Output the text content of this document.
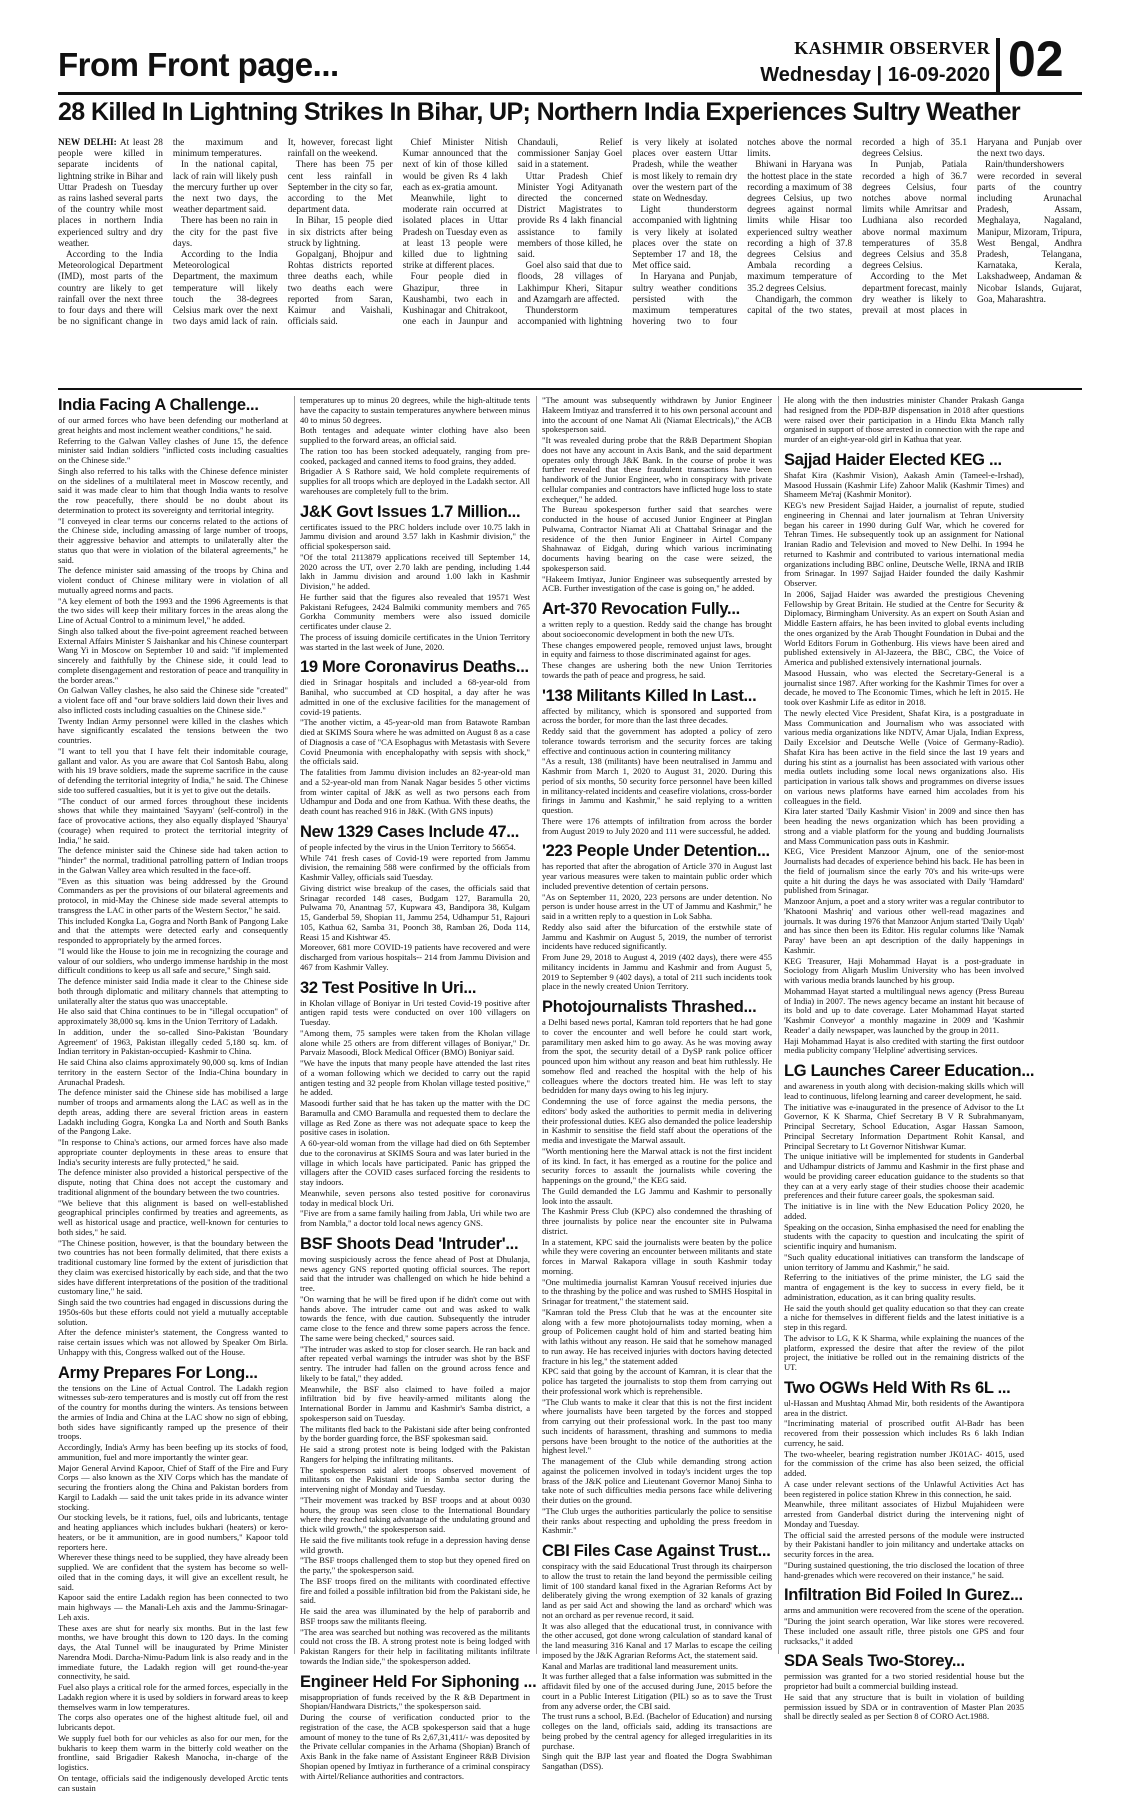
From Front page...	KASHMIR OBSERVER
Wednesday | 16-09-2020 02
28 Killed In Lightning Strikes In Bihar, UP; Northern India Experiences Sultry Weather

NEW DELHI: At least 28 people were killed in separate incidents of lightning strike in Bihar and Uttar Pradesh on Tuesday as rains lashed several parts of the country while most places in northern India experienced sultry and dry weather.

According to the India Meteorological Department (IMD), most parts of the country are likely to get rainfall over the next three to four days and there will be no significant change in the maximum and minimum temperatures.

In the national capital, lack of rain will likely push the mercury further up over the next two days, the weather department said.

There has been no rain in the city for the past five days.

According to the India Meteorological Department, the maximum temperature will likely touch the 38-degrees Celsius mark over the next two days amid lack of rain. It, however, forecast light rainfall on the weekend.

There has been 75 per cent less rainfall in September in the city so far, according to the Met department data.

In Bihar, 15 people died in six districts after being struck by lightning.

Gopalganj, Bhojpur and Rohtas districts reported three deaths each, while two deaths each were reported from Saran, Kaimur and Vaishali, officials said.

Chief Minister Nitish Kumar announced that the next of kin of those killed would be given Rs 4 lakh each as ex-gratia amount.

Meanwhile, light to moderate rain occurred at isolated places in Uttar Pradesh on Tuesday even as at least 13 people were killed due to lightning strike at different places.

Four people died in Ghazipur, three in Kaushambi, two each in Kushinagar and Chitrakoot, one each in Jaunpur and Chandauli, Relief commissioner Sanjay Goel said in a statement.

Uttar Pradesh Chief Minister Yogi Adityanath directed the concerned District Magistrates to provide Rs 4 lakh financial assistance to family members of those killed, he said.

Goel also said that due to floods, 28 villages of Lakhimpur Kheri, Sitapur and Azamgarh are affected.

Thunderstorm accompanied with lightning is very likely at isolated places over eastern Uttar Pradesh, while the weather is most likely to remain dry over the western part of the state on Wednesday.

Light thunderstorm accompanied with lightning is very likely at isolated places over the state on September 17 and 18, the Met office said.

In Haryana and Punjab, sultry weather conditions persisted with the maximum temperatures hovering two to four notches above the normal limits.

Bhiwani in Haryana was the hottest place in the state recording a maximum of 38 degrees Celsius, up two degrees against normal limits while Hisar too experienced sultry weather recording a high of 37.8 degrees Celsius and Ambala recording a maximum temperature of 35.2 degrees Celsius.

Chandigarh, the common capital of the two states, recorded a high of 35.1 degrees Celsius.

In Punjab, Patiala recorded a high of 36.7 degrees Celsius, four notches above normal limits while Amritsar and Ludhiana also recorded above normal maximum temperatures of 35.8 degrees Celsius and 35.8 degrees Celsius.

According to the Met department forecast, mainly dry weather is likely to prevail at most places in Haryana and Punjab over the next two days.

Rain/thundershowers were recorded in several parts of the country including Arunachal Pradesh, Assam, Meghalaya, Nagaland, Manipur, Mizoram, Tripura, West Bengal, Andhra Pradesh, Telangana, Karnataka, Kerala, Lakshadweep, Andaman & Nicobar Islands, Gujarat, Goa, Maharashtra.

India Facing A Challenge...

of our armed forces who have been defending our motherland at great heights and most inclement weather conditions," he said.

Referring to the Galwan Valley clashes of June 15, the defence minister said Indian soldiers "inflicted costs including casualties on the Chinese side."

Singh also referred to his talks with the Chinese defence minister on the sidelines of a multilateral meet in Moscow recently, and said it was made clear to him that though India wants to resolve the row peacefully, there should be no doubt about its determination to protect its sovereignty and territorial integrity.

"I conveyed in clear terms our concerns related to the actions of the Chinese side, including amassing of large number of troops, their aggressive behavior and attempts to unilaterally alter the status quo that were in violation of the bilateral agreements," he said.

The defence minister said amassing of the troops by China and violent conduct of Chinese military were in violation of all mutually agreed norms and pacts.

"A key element of both the 1993 and the 1996 Agreements is that the two sides will keep their military forces in the areas along the Line of Actual Control to a minimum level," he added.

Singh also talked about the five-point agreement reached between External Affairs Minister S Jaishankar and his Chinese counterpart Wang Yi in Moscow on September 10 and said: "if implemented sincerely and faithfully by the Chinese side, it could lead to complete disengagement and restoration of peace and tranquility in the border areas."

On Galwan Valley clashes, he also said the Chinese side "created" a violent face off and "our brave soldiers laid down their lives and also inflicted costs including casualties on the Chinese side."

Twenty Indian Army personnel were killed in the clashes which have significantly escalated the tensions between the two countries.

"I want to tell you that I have felt their indomitable courage, gallant and valor. As you are aware that Col Santosh Babu, along with his 19 brave soldiers, made the supreme sacrifice in the cause of defending the territorial integrity of India," he said. The Chinese side too suffered casualties, but it is yet to give out the details.

"The conduct of our armed forces throughout these incidents shows that while they maintained 'Sayyam' (self-control) in the face of provocative actions, they also equally displayed 'Shaurya' (courage) when required to protect the territorial integrity of India," he said.

The defence minister said the Chinese side had taken action to "hinder" the normal, traditional patrolling pattern of Indian troops in the Galwan Valley area which resulted in the face-off.

"Even as this situation was being addressed by the Ground Commanders as per the provisions of our bilateral agreements and protocol, in mid-May the Chinese side made several attempts to transgress the LAC in other parts of the Western Sector," he said.

This included Kongka La, Gogra and North Bank of Pangong Lake and that the attempts were detected early and consequently responded to appropriately by the armed forces.

"I would like the House to join me in recognizing the courage and valour of our soldiers, who undergo immense hardship in the most difficult conditions to keep us all safe and secure," Singh said.

The defence minister said India made it clear to the Chinese side both through diplomatic and military channels that attempting to unilaterally alter the status quo was unacceptable.

He also said that China continues to be in "illegal occupation" of approximately 38,000 sq. kms in the Union Territory of Ladakh.

In addition, under the so-called Sino-Pakistan 'Boundary Agreement' of 1963, Pakistan illegally ceded 5,180 sq. km. of Indian territory in Pakistan-occupied- Kashmir to China.

He said China also claims approximately 90,000 sq. kms of Indian territory in the eastern Sector of the India-China boundary in Arunachal Pradesh.

The defence minister said the Chinese side has mobilised a large number of troops and armaments along the LAC as well as in the depth areas, adding there are several friction areas in eastern Ladakh including Gogra, Kongka La and North and South Banks of the Pangong Lake.

"In response to China's actions, our armed forces have also made appropriate counter deployments in these areas to ensure that India's security interests are fully protected," he said.

The defence minister also provided a historical perspective of the dispute, noting that China does not accept the customary and traditional alignment of the boundary between the two countries.

"We believe that this alignment is based on well-established geographical principles confirmed by treaties and agreements, as well as historical usage and practice, well-known for centuries to both sides," he said.

"The Chinese position, however, is that the boundary between the two countries has not been formally delimited, that there exists a traditional customary line formed by the extent of jurisdiction that they claim was exercised historically by each side, and that the two sides have different interpretations of the position of the traditional customary line," he said.

Singh said the two countries had engaged in discussions during the 1950s-60s but these efforts could not yield a mutually acceptable solution.

After the defence minister's statement, the Congress wanted to raise certain issues which was not allowed by Speaker Om Birla. Unhappy with this, Congress walked out of the House.

Army Prepares For Long...

the tensions on the Line of Actual Control. The Ladakh region witnesses sub-zero temperatures and is mostly cut off from the rest of the country for months during the winters. As tensions between the armies of India and China at the LAC show no sign of ebbing, both sides have significantly ramped up the presence of their troops.

Accordingly, India's Army has been beefing up its stocks of food, ammunition, fuel and more importantly the winter gear.

Major General Arvind Kapoor, Chief of Staff of the Fire and Fury Corps — also known as the XIV Corps which has the mandate of securing the frontiers along the China and Pakistan borders from Kargil to Ladakh — said the unit takes pride in its advance winter stocking.

Our stocking levels, be it rations, fuel, oils and lubricants, tentage and heating appliances which includes bukhari (heaters) or kero-heaters, or be it ammunition, are in good numbers," Kapoor told reporters here.

Wherever these things need to be supplied, they have already been supplied. We are confident that the system has become so well-oiled that in the coming days, it will give an excellent result, he said.

Kapoor said the entire Ladakh region has been connected to two main highways — the Manali-Leh axis and the Jammu-Srinagar-Leh axis.

These axes are shut for nearly six months. But in the last few months, we have brought this down to 120 days. In the coming days, the Atal Tunnel will be inaugurated by Prime Minister Narendra Modi. Darcha-Nimu-Padum link is also ready and in the immediate future, the Ladakh region will get round-the-year connectivity, he said.

Fuel also plays a critical role for the armed forces, especially in the Ladakh region where it is used by soldiers in forward areas to keep themselves warm in low temperatures.

The corps also operates one of the highest altitude fuel, oil and lubricants depot.

We supply fuel both for our vehicles as also for our men, for the bukharis to keep them warm in the bitterly cold weather on the frontline, said Brigadier Rakesh Manocha, in-charge of the logistics.

On tentage, officials said the indigenously developed Arctic tents can sustain

temperatures up to minus 20 degrees, while the high-altitude tents have the capacity to sustain temperatures anywhere between minus 40 to minus 50 degrees.

Both tentages and adequate winter clothing have also been supplied to the forward areas, an official said.

The ration too has been stocked adequately, ranging from pre-cooked, packaged and canned items to food grains, they added.

Brigadier A S Rathore said, We hold complete requirements of supplies for all troops which are deployed in the Ladakh sector. All warehouses are completely full to the brim.

J&K Govt Issues 1.7 Million...

certificates issued to the PRC holders include over 10.75 lakh in Jammu division and around 3.57 lakh in Kashmir division," the official spokesperson said.

"Of the total 2113879 applications received till September 14, 2020 across the UT, over 2.70 lakh are pending, including 1.44 lakh in Jammu division and around 1.00 lakh in Kashmir Division," he added.

He further said that the figures also revealed that 19571 West Pakistani Refugees, 2424 Balmiki community members and 765 Gorkha Community members were also issued domicile certificates under clause 2.

The process of issuing domicile certificates in the Union Territory was started in the last week of June, 2020.

19 More Coronavirus Deaths...

died in Srinagar hospitals and included a 68-year-old from Banihal, who succumbed at CD hospital, a day after he was admitted in one of the exclusive facilities for the management of covid-19 patients.

"The another victim, a 45-year-old man from Batawote Ramban died at SKIMS Soura where he was admitted on August 8 as a case of Diagnosis a case of "CA Esophagus with Metastasis with Severe Covid Pneumonia with encephalopathy with sepsis with shock," the officials said.

The fatalities from Jammu division includes an 82-year-old man and a 52-year-old man from Nanak Nagar besides 5 other victims from winter capital of J&K as well as two persons each from Udhampur and Doda and one from Kathua. With these deaths, the death count has reached 916 in J&K. (With GNS inputs)

New 1329 Cases Include 47...

of people infected by the virus in the Union Territory to 56654.

While 741 fresh cases of Covid-19 were reported from Jammu division, the remaining 588 were confirmed by the officials from Kashmir Valley, officials said Tuesday.

Giving district wise breakup of the cases, the officials said that Srinagar recorded 148 cases, Budgam 127, Baramulla 20, Pulwama 70, Anantnag 57, Kupwara 43, Bandipora 38, Kulgam 15, Ganderbal 59, Shopian 11, Jammu 254, Udhampur 51, Rajouri 105, Kathua 62, Samba 31, Poonch 38, Ramban 26, Doda 114, Reasi 15 and Kishtwar 45.

Moreover, 681 more COVID-19 patients have recovered and were discharged from various hospitals-- 214 from Jammu Division and 467 from Kashmir Valley.

32 Test Positive In Uri...

in Kholan village of Boniyar in Uri tested Covid-19 positive after antigen rapid tests were conducted on over 100 villagers on Tuesday.

"Among them, 75 samples were taken from the Kholan village alone while 25 others are from different villages of Boniyar," Dr. Parvaiz Masoodi, Block Medical Officer (BMO) Boniyar said.

"We have the inputs that many people have attended the last rites of a woman following which we decided to carry out the rapid antigen testing and 32 people from Kholan village tested positive," he added.

Masoodi further said that he has taken up the matter with the DC Baramulla and CMO Baramulla and requested them to declare the village as Red Zone as there was not adequate space to keep the positive cases in isolation.

A 60-year-old woman from the village had died on 6th September due to the coronavirus at SKIMS Soura and was later buried in the village in which locals have participated. Panic has gripped the villagers after the COVID cases surfaced forcing the residents to stay indoors.

Meanwhile, seven persons also tested positive for coronavirus today in medical block Uri.

"Five are from a same family hailing from Jabla, Uri while two are from Nambla," a doctor told local news agency GNS.

BSF Shoots Dead 'Intruder'...

moving suspiciously across the fence ahead of Post at Dhulanja, news agency GNS reported quoting official sources. The report said that the intruder was challenged on which he hide behind a tree.

"On warning that he will be fired upon if he didn't come out with hands above. The intruder came out and was asked to walk towards the fence, with due caution. Subsequently the intruder came close to the fence and threw some papers across the fence. The same were being checked," sources said.

"The intruder was asked to stop for closer search. He ran back and after repeated verbal warnings the intruder was shot by the BSF sentry. The intruder had fallen on the ground across fence and likely to be fatal," they added.

Meanwhile, the BSF also claimed to have foiled a major infiltration bid by five heavily-armed militants along the International Border in Jammu and Kashmir's Samba district, a spokesperson said on Tuesday.

The militants fled back to the Pakistani side after being confronted by the border guarding force, the BSF spokesman said.

He said a strong protest note is being lodged with the Pakistan Rangers for helping the infiltrating militants.

The spokesperson said alert troops observed movement of militants on the Pakistani side in Samba sector during the intervening night of Monday and Tuesday.

"Their movement was tracked by BSF troops and at about 0030 hours, the group was seen close to the International Boundary where they reached taking advantage of the undulating ground and thick wild growth," the spokesperson said.

He said the five militants took refuge in a depression having dense wild growth.

"The BSF troops challenged them to stop but they opened fired on the party," the spokesperson said.

The BSF troops fired on the militants with coordinated effective fire and foiled a possible infiltration bid from the Pakistani side, he said.

He said the area was illuminated by the help of paraborrib and BSF troops saw the militants fleeing.

"The area was searched but nothing was recovered as the militants could not cross the IB. A strong protest note is being lodged with Pakistan Rangers for their help in facilitating militants infiltrate towards the Indian side," the spokesperson added.

Engineer Held For Siphoning ...

misappropriation of funds received by the R &B Department in Shopian/Handwara Districts," the spokesperson said.

During the course of verification conducted prior to the registration of the case, the ACB spokesperson said that a huge amount of money to the tune of Rs 2,67,31,411/- was deposited by the Private cellular companies in the Arhama (Shopian) Branch of Axis Bank in the fake name of Assistant Engineer R&B Division Shopian opened by Imtiyaz in furtherance of a criminal conspiracy with Airtel/Reliance authorities and contractors.

"The amount was subsequently withdrawn by Junior Engineer Hakeem Imtiyaz and transferred it to his own personal account and into the account of one Namat Ali (Niamat Electricals)," the ACB spokesperson said.

"It was revealed during probe that the R&B Department Shopian does not have any account in Axis Bank, and the said department operates only through J&K Bank. In the course of probe it was further revealed that these fraudulent transactions have been handiwork of the Junior Engineer, who in conspiracy with private cellular companies and contractors have inflicted huge loss to state exchequer," he added.

The Bureau spokesperson further said that searches were conducted in the house of accused Junior Engineer at Pinglan Pulwama, Contractor Niamat Ali at Chattabal Srinagar and the residence of the then Junior Engineer in Airtel Company Shahnawaz of Eidgah, during which various incriminating documents having bearing on the case were seized, the spokesperson said.

"Hakeem Imtiyaz, Junior Engineer was subsequently arrested by ACB. Further investigation of the case is going on," he added.

Art-370 Revocation Fully...

a written reply to a question. Reddy said the change has brought about socioeconomic development in both the new UTs.

These changes empowered people, removed unjust laws, brought in equity and fairness to those discriminated against for ages.

These changes are ushering both the new Union Territories towards the path of peace and progress, he said.

'138 Militants Killed In Last...

affected by militancy, which is sponsored and supported from across the border, for more than the last three decades.

Reddy said that the government has adopted a policy of zero tolerance towards terrorism and the security forces are taking effective and continuous action in countering militancy

"As a result, 138 (militants) have been neutralised in Jammu and Kashmir from March 1, 2020 to August 31, 2020. During this period of six months, 50 security force personnel have been killed in militancy-related incidents and ceasefire violations, cross-border firings in Jammu and Kashmir," he said replying to a written question.

There were 176 attempts of infiltration from across the border from August 2019 to July 2020 and 111 were successful, he added.

'223 People Under Detention...

has reported that after the abrogation of Article 370 in August last year various measures were taken to maintain public order which included preventive detention of certain persons.

"As on September 11, 2020, 223 persons are under detention. No person is under house arrest in the UT of Jammu and Kashmir," he said in a written reply to a question in Lok Sabha.

Reddy also said after the bifurcation of the erstwhile state of Jammu and Kashmir on August 5, 2019, the number of terrorist incidents have reduced significantly.

From June 29, 2018 to August 4, 2019 (402 days), there were 455 militancy incidents in Jammu and Kashmir and from August 5, 2019 to September 9 (402 days), a total of 211 such incidents took place in the newly created Union Territory.

Photojournalists Thrashed...

a Delhi based news portal, Kamran told reporters that he had gone to cover the encounter and well before he could start work, paramilitary men asked him to go away. As he was moving away from the spot, the security detail of a DySP rank police officer pounced upon him without any reason and beat him ruthlessly. He somehow fled and reached the hospital with the help of his colleagues where the doctors treated him. He was left to stay bedridden for many days owing to his leg injury.

Condemning the use of force against the media persons, the editors' body asked the authorities to permit media in delivering their professional duties. KEG also demanded the police leadership in Kashmir to sensitise the field staff about the operations of the media and investigate the Marwal assault.

"Worth mentioning here the Marwal attack is not the first incident of its kind. In fact, it has emerged as a routine for the police and security forces to assault the journalists while covering the happenings on the ground," the KEG said.

The Guild demanded the LG Jammu and Kashmir to personally look into the assault.

The Kashmir Press Club (KPC) also condemned the thrashing of three journalists by police near the encounter site in Pulwama district.

In a statement, KPC said the journalists were beaten by the police while they were covering an encounter between militants and state forces in Marwal Rakapora village in south Kashmir today morning.

"One multimedia journalist Kamran Yousuf received injuries due to the thrashing by the police and was rushed to SMHS Hospital in Srinagar for treatment," the statement said.

"Kamran told the Press Club that he was at the encounter site along with a few more photojournalists today morning, when a group of Policemen caught hold of him and started beating him with lathis without any reason. He said that he somehow managed to run away. He has received injuries with doctors having detected fracture in his leg," the statement added

KPC said that going by the account of Kamran, it is clear that the police has targeted the journalists to stop them from carrying out their professional work which is reprehensible.

"The Club wants to make it clear that this is not the first incident where journalists have been targeted by the forces and stopped from carrying out their professional work. In the past too many such incidents of harassment, thrashing and summons to media persons have been brought to the notice of the authorities at the highest level."

The management of the Club while demanding strong action against the policemen involved in today's incident urges the top brass of the J&K police and Lieutenant Governor Manoj Sinha to take note of such difficulties media persons face while delivering their duties on the ground.

"The Club urges the authorities particularly the police to sensitise their ranks about respecting and upholding the press freedom in Kashmir."

CBI Files Case Against Trust...

conspiracy with the said Educational Trust through its chairperson to allow the trust to retain the land beyond the permissible ceiling limit of 100 standard kanal fixed in the Agrarian Reforms Act by deliberately giving the wrong exemption of 32 kanals of grazing land as per said Act and showing the land as orchard' which was not an orchard as per revenue record, it said.

It was also alleged that the educational trust, in connivance with the other accused, got done wrong calculation of standard kanal of the land measuring 316 Kanal and 17 Marlas to escape the ceiling imposed by the J&K Agrarian Reforms Act, the statement said.

Kanal and Marlas are traditional land measurement units.

It was further alleged that a false information was submitted in the affidavit filed by one of the accused during June, 2015 before the court in a Public Interest Litigation (PIL) so as to save the Trust from any adverse order, the CBI said.

The trust runs a school, B.Ed. (Bachelor of Education) and nursing colleges on the land, officials said, adding its transactions are being probed by the central agency for alleged irregularities in its purchase.

Singh quit the BJP last year and floated the Dogra Swabhiman Sangathan (DSS).

He along with the then industries minister Chander Prakash Ganga had resigned from the PDP-BJP dispensation in 2018 after questions were raised over their participation in a Hindu Ekta Manch rally organised in support of those arrested in connection with the rape and murder of an eight-year-old girl in Kathua that year.

Sajjad Haider Elected KEG ...

Shafat Kira (Kashmir Vision), Aakash Amin (Tameel-e-Irshad), Masood Hussain (Kashmir Life) Zahoor Malik (Kashmir Times) and Shameem Me'raj (Kashmir Monitor).

KEG's new President Sajjad Haider, a journalist of repute, studied engineering in Chennai and later journalism at Tehran University began his career in 1990 during Gulf War, which he covered for Tehran Times. He subsequently took up an assignment for National Iranian Radio and Television and moved to New Delhi. In 1994 he returned to Kashmir and contributed to various international media organizations including BBC online, Deutsche Welle, IRNA and IRIB from Srinagar. In 1997 Sajjad Haider founded the daily Kashmir Observer.

In 2006, Sajjad Haider was awarded the prestigious Chevening Fellowship by Great Britain. He studied at the Centre for Security & Diplomacy, Birmingham University. As an expert on South Asian and Middle Eastern affairs, he has been invited to global events including the ones organized by the Arab Thought Foundation in Dubai and the World Editors Forum in Gothenburg. His views have been aired and published extensively in Al-Jazeera, the BBC, CBC, the Voice of America and published extensively international journals.

Masood Hussain, who was elected the Secretary-General is a journalist since 1987. After working for the Kashmir Times for over a decade, he moved to The Economic Times, which he left in 2015. He took over Kashmir Life as editor in 2018.

The newly elected Vice President, Shafat Kira, is a postgraduate in Mass Communication and Journalism who was associated with various media organizations like NDTV, Amar Ujala, Indian Express, Daily Excelsior and Deutsche Welle (Voice of Germany-Radio). Shafat Kira has been active in the field since the last 19 years and during his stint as a journalist has been associated with various other media outlets including some local news organizations also. His participation in various talk shows and programmes on diverse issues on various news platforms have earned him accolades from his colleagues in the field.

Kira later started 'Daily Kashmir Vision' in 2009 and since then has been heading the news organization which has been providing a strong and a viable platform for the young and budding Journalists and Mass Communication pass outs in Kashmir.

KEG, Vice President Manzoor Ajnum, one of the senior-most Journalists had decades of experience behind his back. He has been in the field of journalism since the early 70's and his write-ups were quite a hit during the days he was associated with Daily 'Hamdard' published from Srinagar.

Manzoor Anjum, a poet and a story writer was a regular contributor to 'Khatooni Mashriq' and various other well-read magazines and journals. It was during 1976 that Manzoor Anjum started 'Daily Uqab' and has since then been its Editor. His regular columns like 'Namak Paray' have been an apt description of the daily happenings in Kashmir.

KEG Treasurer, Haji Mohammad Hayat is a post-graduate in Sociology from Aligarh Muslim University who has been involved with various media brands launched by his group.

Mohammad Hayat started a multilingual news agency (Press Bureau of India) in 2007. The news agency became an instant hit because of its bold and up to date coverage. Later Mohammad Hayat started 'Kashmir Conveyor' a monthly magazine in 2009 and 'Kashmir Reader' a daily newspaper, was launched by the group in 2011.

Haji Mohammad Hayat is also credited with starting the first outdoor media publicity company 'Helpline' advertising services.

LG Launches Career Education...

and awareness in youth along with decision-making skills which will lead to continuous, lifelong learning and career development, he said.

The initiative was e-inaugurated in the presence of Advisor to the Lt Governor, K K Sharma, Chief Secretary B V R Subrahmanyam, Principal Secretary, School Education, Asgar Hassan Samoon, Principal Secretary Information Department Rohit Kansal, and Principal Secretary to Lt Governor Nitishwar Kumar.

The unique initiative will be implemented for students in Ganderbal and Udhampur districts of Jammu and Kashmir in the first phase and would be providing career education guidance to the students so that they can at a very early stage of their studies choose their academic preferences and their future career goals, the spokesman said.

The initiative is in line with the New Education Policy 2020, he added.

Speaking on the occasion, Sinha emphasised the need for enabling the students with the capacity to question and inculcating the spirit of scientific inquiry and humanism.

"Such quality educational initiatives can transform the landscape of union territory of Jammu and Kashmir," he said.

Referring to the initiatives of the prime minister, the LG said the mantra of engagement is the key to success in every field, be it administration, education, as it can bring quality results.

He said the youth should get quality education so that they can create a niche for themselves in different fields and the latest initiative is a step in this regard.

The advisor to LG, K K Sharma, while explaining the nuances of the platform, expressed the desire that after the review of the pilot project, the initiative be rolled out in the remaining districts of the UT.

Two OGWs Held With Rs 6L ...

ul-Hassan and Mushtaq Ahmad Mir, both residents of the Awantipora area in the district.

"Incriminating material of proscribed outfit Al-Badr has been recovered from their possession which includes Rs 6 lakh Indian currency, he said.

The two-wheeler, bearing registration number JK01AC- 4015, used for the commission of the crime has also been seized, the official added.

A case under relevant sections of the Unlawful Activities Act has been registered in police station Khrew in this connection, he said.

Meanwhile, three militant associates of Hizbul Mujahideen were arrested from Ganderbal district during the intervening night of Monday and Tuesday.

The official said the arrested persons of the module were instructed by their Pakistani handler to join militancy and undertake attacks on security forces in the area.

"During sustained questioning, the trio disclosed the location of three hand-grenades which were recovered on their instance," he said.

Infiltration Bid Foiled In Gurez...

arms and ammunition were recovered from the scene of the operation.

"During the joint search operation, War like stores were recovered. These included one assault rifle, three pistols one GPS and four rucksacks," it added

SDA Seals Two-Storey...

permission was granted for a two storied residential house but the proprietor had built a commercial building instead.

He said that any structure that is built in violation of building permission issued by SDA or in contravention of Master Plan 2035 shall be directly sealed as per Section 8 of CORO Act.1988.
